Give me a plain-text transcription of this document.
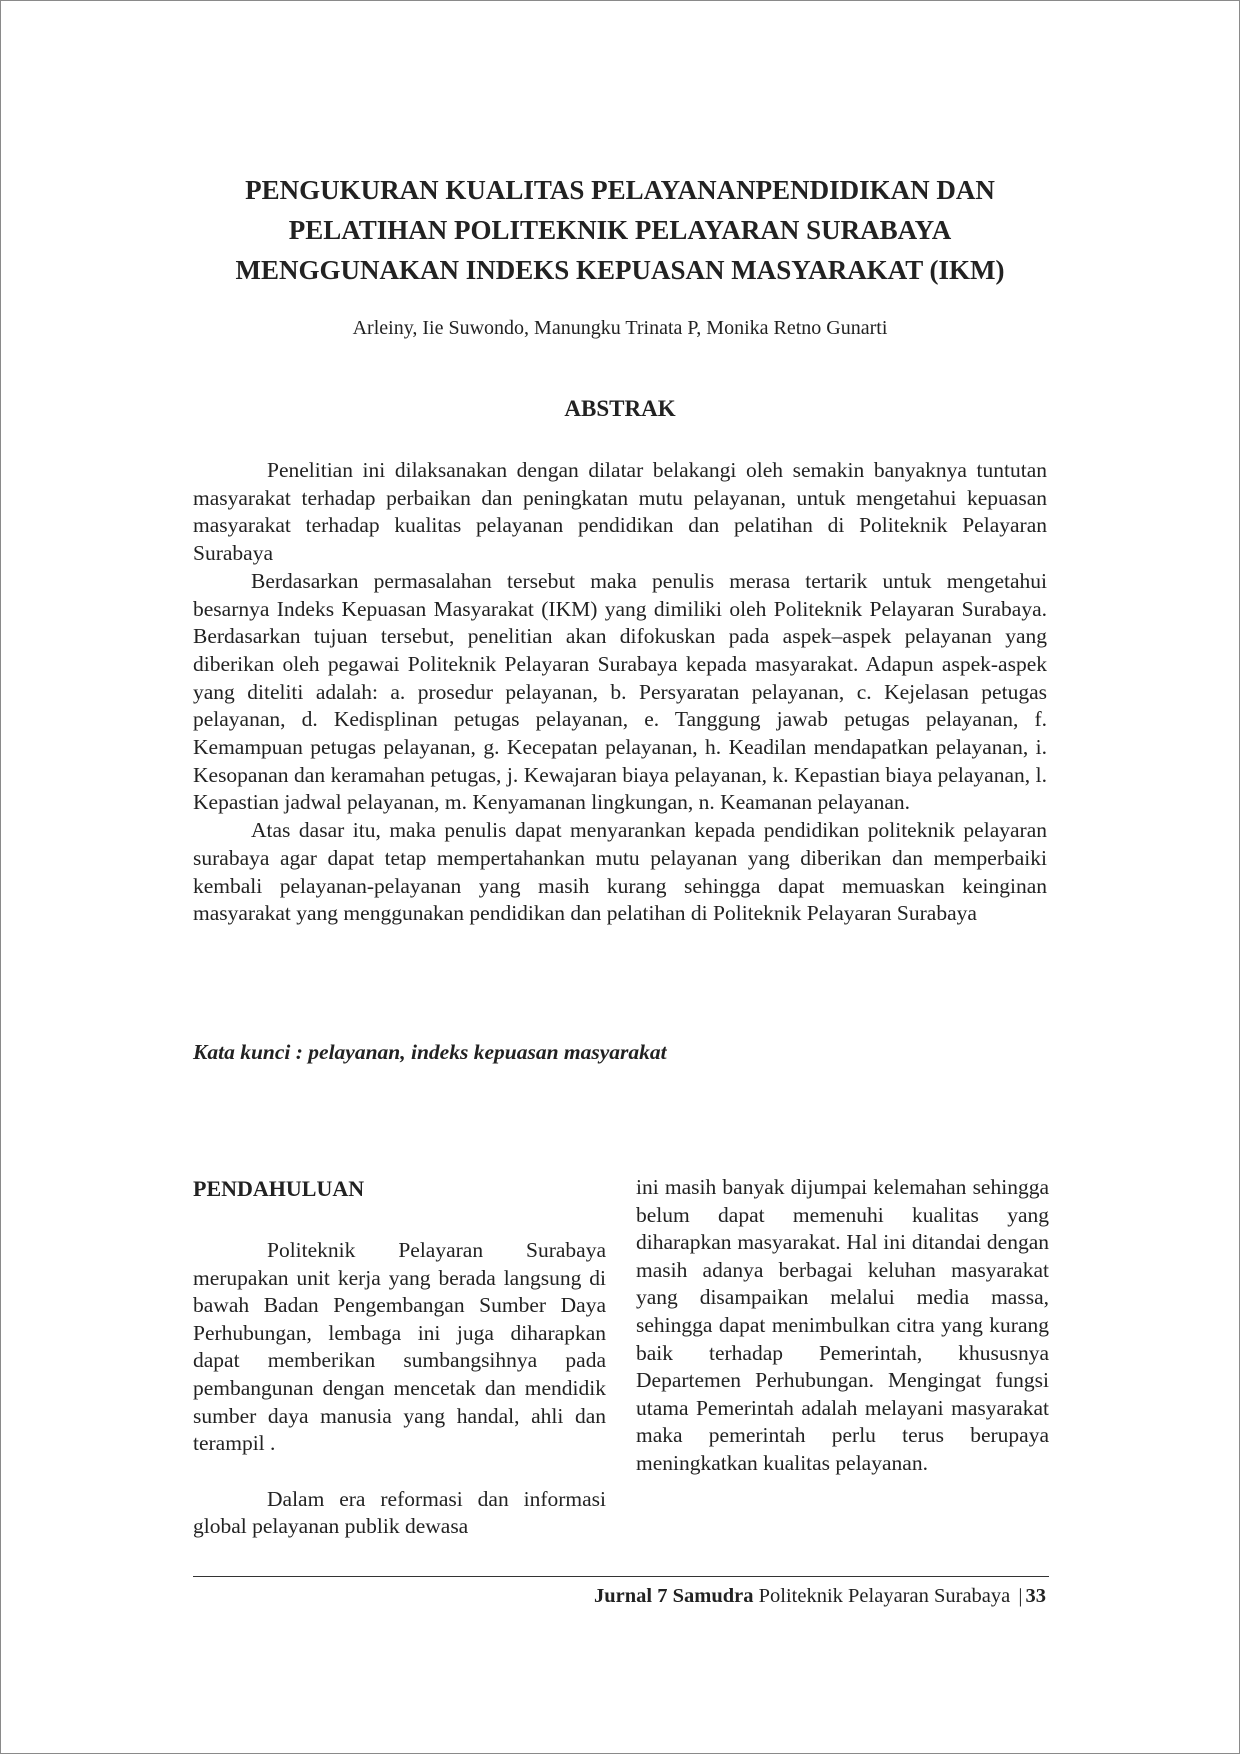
PENGUKURAN KUALITAS PELAYANANPENDIDIKAN DAN
PELATIHAN POLITEKNIK PELAYARAN SURABAYA
MENGGUNAKAN INDEKS KEPUASAN MASYARAKAT (IKM)
Arleiny, Iie Suwondo, Manungku Trinata P, Monika Retno Gunarti
ABSTRAK

Penelitian ini dilaksanakan dengan dilatar belakangi oleh semakin banyaknya tuntutan masyarakat terhadap perbaikan dan peningkatan mutu pelayanan, untuk mengetahui kepuasan masyarakat terhadap kualitas pelayanan pendidikan dan pelatihan di Politeknik Pelayaran Surabaya

Berdasarkan permasalahan tersebut maka penulis merasa tertarik untuk mengetahui besarnya Indeks Kepuasan Masyarakat (IKM) yang dimiliki oleh Politeknik Pelayaran Surabaya. Berdasarkan tujuan tersebut, penelitian akan difokuskan pada aspek–aspek pelayanan yang diberikan oleh pegawai Politeknik Pelayaran Surabaya kepada masyarakat. Adapun aspek-aspek yang diteliti adalah: a. prosedur pelayanan, b. Persyaratan pelayanan, c. Kejelasan petugas pelayanan, d. Kedisplinan petugas pelayanan, e. Tanggung jawab petugas pelayanan, f. Kemampuan petugas pelayanan, g. Kecepatan pelayanan, h. Keadilan mendapatkan pelayanan, i. Kesopanan dan keramahan petugas, j. Kewajaran biaya pelayanan, k. Kepastian biaya pelayanan, l. Kepastian jadwal pelayanan, m. Kenyamanan lingkungan, n. Keamanan pelayanan.

Atas dasar itu, maka penulis dapat menyarankan kepada pendidikan politeknik pelayaran surabaya agar dapat tetap mempertahankan mutu pelayanan yang diberikan dan memperbaiki kembali pelayanan-pelayanan yang masih kurang sehingga dapat memuaskan keinginan masyarakat yang menggunakan pendidikan dan pelatihan di Politeknik Pelayaran Surabaya

Kata kunci : pelayanan, indeks kepuasan masyarakat
PENDAHULUAN

Politeknik Pelayaran Surabaya merupakan unit kerja yang berada langsung di bawah Badan Pengembangan Sumber Daya Perhubungan, lembaga ini juga diharapkan dapat memberikan sumbangsihnya pada pembangunan dengan mencetak dan mendidik sumber daya manusia yang handal, ahli dan terampil .

Dalam era reformasi dan informasi global pelayanan publik dewasa

ini masih banyak dijumpai kelemahan sehingga belum dapat memenuhi kualitas yang diharapkan masyarakat. Hal ini ditandai dengan masih adanya berbagai keluhan masyarakat yang disampaikan melalui media massa, sehingga dapat menimbulkan citra yang kurang baik terhadap Pemerintah, khususnya Departemen Perhubungan. Mengingat fungsi utama Pemerintah adalah melayani masyarakat maka pemerintah perlu terus berupaya meningkatkan kualitas pelayanan.

Jurnal 7 Samudra Politeknik Pelayaran Surabaya | 33
